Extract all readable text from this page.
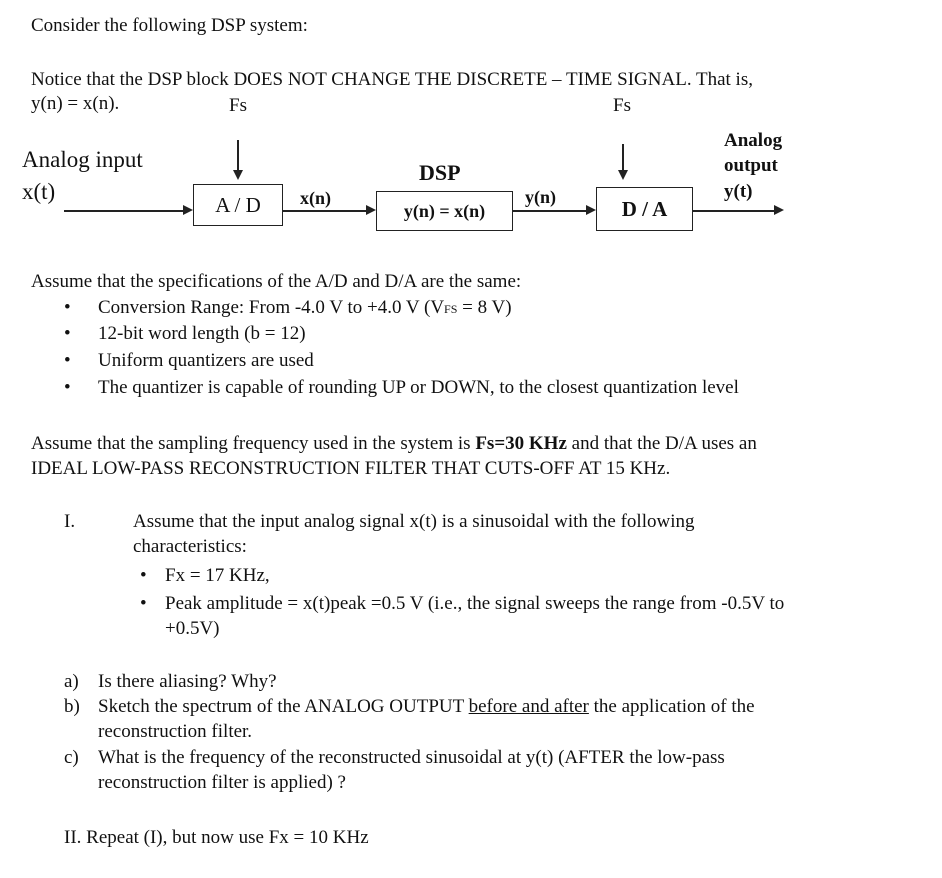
Consider the following DSP system:
Notice that the DSP block DOES NOT CHANGE THE DISCRETE – TIME SIGNAL. That is,
y(n) = x(n).	Fs	Fs
Analog input
x(t)
A / D x(n)
DSP
y(n) = x(n)
y(n)	D / A
Analog
output
y(t)
Assume that the specifications of the A/D and D/A are the same:
• Conversion Range: From -4.0 V to +4.0 V (VFS = 8 V)
• 12-bit word length (b = 12)
• Uniform quantizers are used
• The quantizer is capable of rounding UP or DOWN, to the closest quantization level
Assume that the sampling frequency used in the system is Fs=30 KHz and that the D/A uses an
IDEAL LOW-PASS RECONSTRUCTION FILTER THAT CUTS-OFF AT 15 KHz.
I.	Assume that the input analog signal x(t) is a sinusoidal with the following
characteristics:
• Fx = 17 KHz,
• Peak amplitude = x(t)peak =0.5 V (i.e., the signal sweeps the range from -0.5V to
+0.5V)
a) Is there aliasing? Why?
b) Sketch the spectrum of the ANALOG OUTPUT before and after the application of the
reconstruction filter.
c) What is the frequency of the reconstructed sinusoidal at y(t) (AFTER the low-pass
reconstruction filter is applied) ?
II. Repeat (I), but now use Fx = 10 KHz
